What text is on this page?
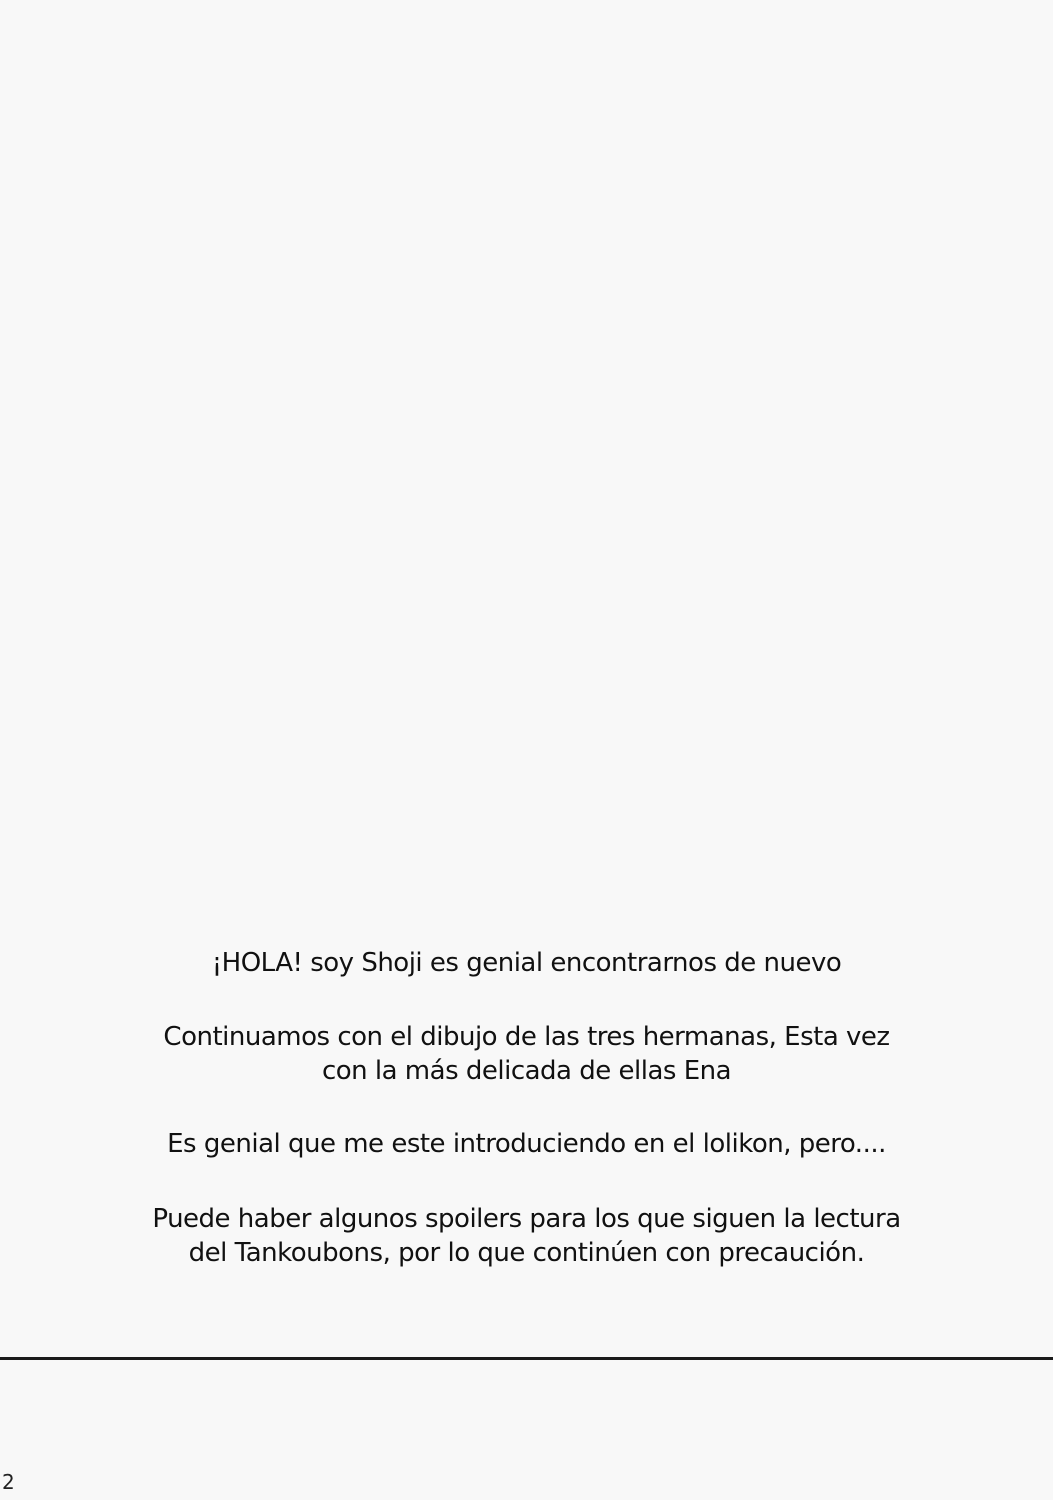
¡HOLA! soy Shoji es genial encontrarnos de nuevo
Continuamos con el dibujo de las tres hermanas, Esta vez
con la más delicada de ellas Ena
Es genial que me este introduciendo en el lolikon, pero....
Puede haber algunos spoilers para los que siguen la lectura
del Tankoubons, por lo que continúen con precaución.
2
